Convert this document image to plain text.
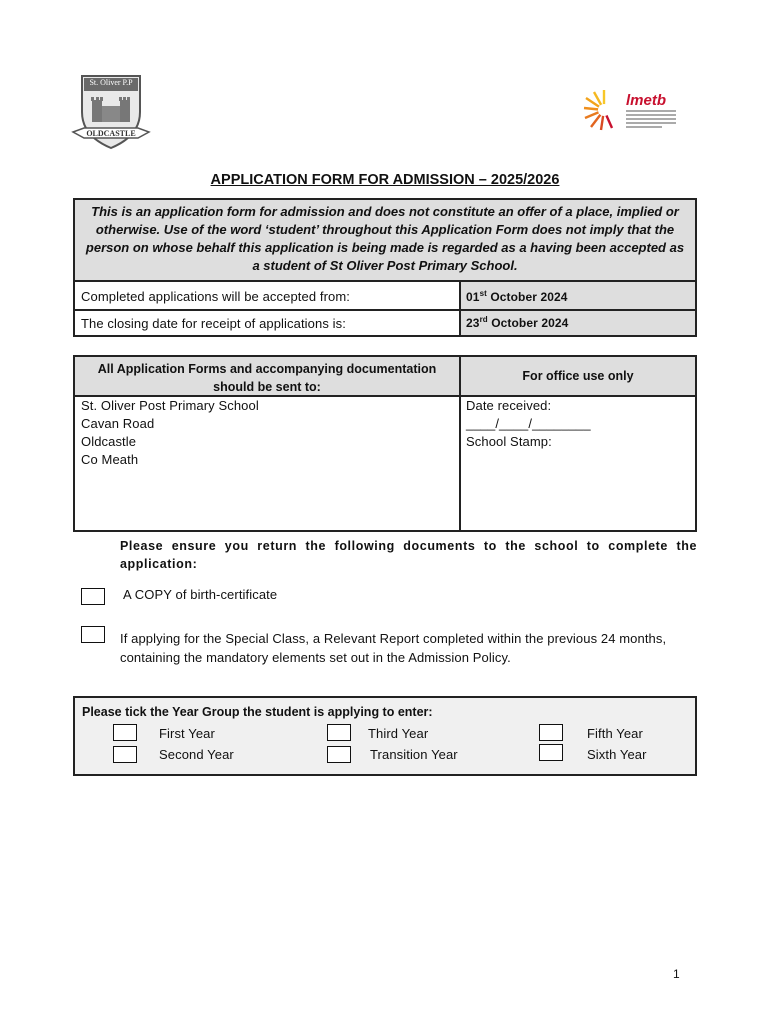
St. Oliver P.P
OLDCASTLE
lmetb
APPLICATION FORM FOR ADMISSION – 2025/2026
This is an application form for admission and does not constitute an offer of a place, implied or otherwise. Use of the word ‘student’ throughout this Application Form does not imply that the person on whose behalf this application is being made is regarded as a having been accepted as a student of St Oliver Post Primary School.
Completed applications will be accepted from:	01st October 2024
The closing date for receipt of applications is:	23rd October 2024
All Application Forms and accompanying documentation should be sent to:
For office use only
St. Oliver Post Primary School
Cavan Road
Oldcastle
Co Meath
Date received:
____/____/________
School Stamp:
Please ensure you return the following documents to the school to complete the application:
A COPY of birth-certificate
If applying for the Special Class, a Relevant Report completed within the previous 24 months, containing the mandatory elements set out in the Admission Policy.
Please tick the Year Group the student is applying to enter:
First Year
Second Year
Third Year
Transition Year
Fifth Year
Sixth Year
1
